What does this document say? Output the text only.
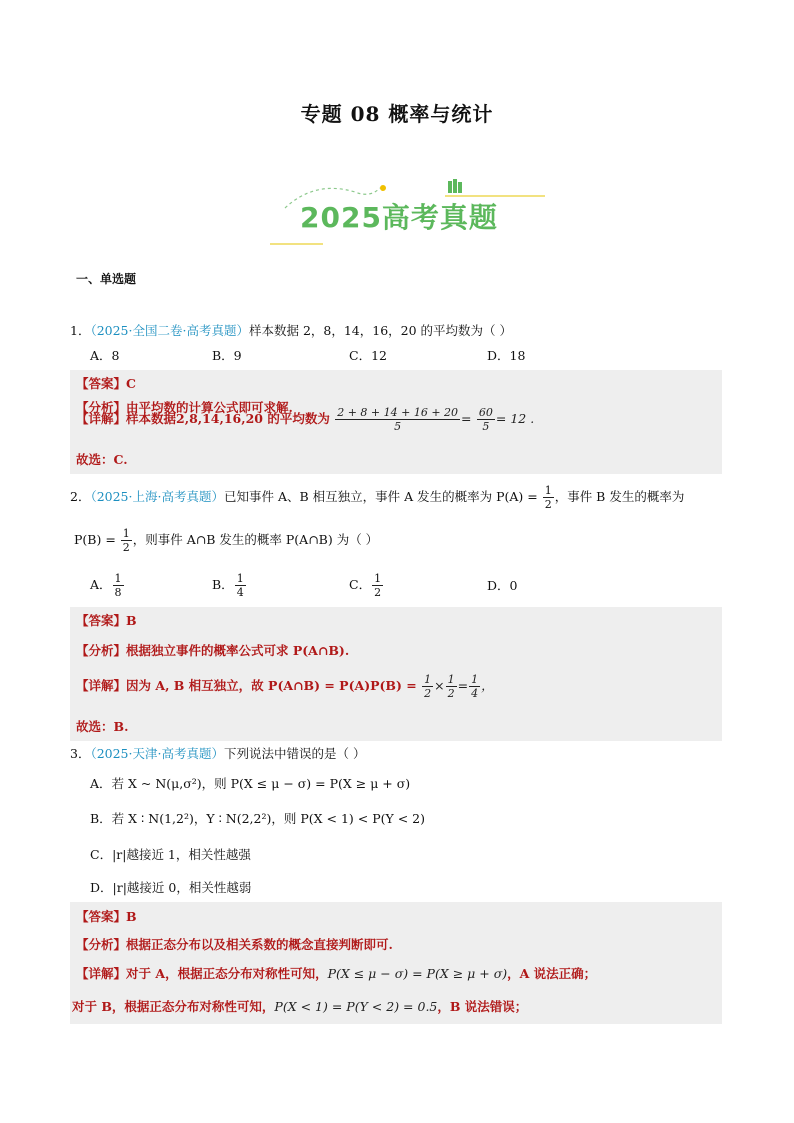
专题 08 概率与统计
2025高考真题
一、单选题
1．（2025·全国二卷·高考真题）样本数据 2，8，14，16，20 的平均数为（ ）
A．8	B．9	C．12	D．18
【答案】C
【分析】由平均数的计算公式即可求解.
【详解】样本数据2,8,14,16,20 的平均数为 $\frac{2 + 8 + 14 + 16 + 20}{5} = \frac{60}{5} = 12$ .
故选：C.
2．（2025·上海·高考真题）已知事件 A、B 相互独立，事件 A 发生的概率为 $P(A) = \frac{1}{2}$ ，事件 B 发生的概率为
$P(B) = \frac{1}{2}$ ，则事件 A∩B 发生的概率 P(A∩B) 为（ ）
A． $\frac{1}{8}$	B． $\frac{1}{4}$	C． $\frac{1}{2}$	D．0
【答案】B
【分析】根据独立事件的概率公式可求 P(A∩B).
【详解】因为 A, B 相互独立，故 P(A∩B) = $P(A)P(B) = \frac{1}{2} \times \frac{1}{2} = \frac{1}{4}$ ，
故选：B.
3．（2025·天津·高考真题）下列说法中错误的是（ ）
A．若 X ~ N(μ,σ²)，则 P(X ≤ μ − σ) = P(X ≥ μ + σ)
B．若 X ∶ N(1,2²)，Y ∶ N(2,2²)，则 P(X < 1) < P(Y < 2)
C．|r|越接近 1，相关性越强
D．|r|越接近 0，相关性越弱
【答案】B
【分析】根据正态分布以及相关系数的概念直接判断即可.
【详解】对于 A，根据正态分布对称性可知，P(X ≤ μ − σ) = P(X ≥ μ + σ)，A 说法正确；
对于 B，根据正态分布对称性可知，P(X < 1) = P(Y < 2) = 0.5，B 说法错误；
